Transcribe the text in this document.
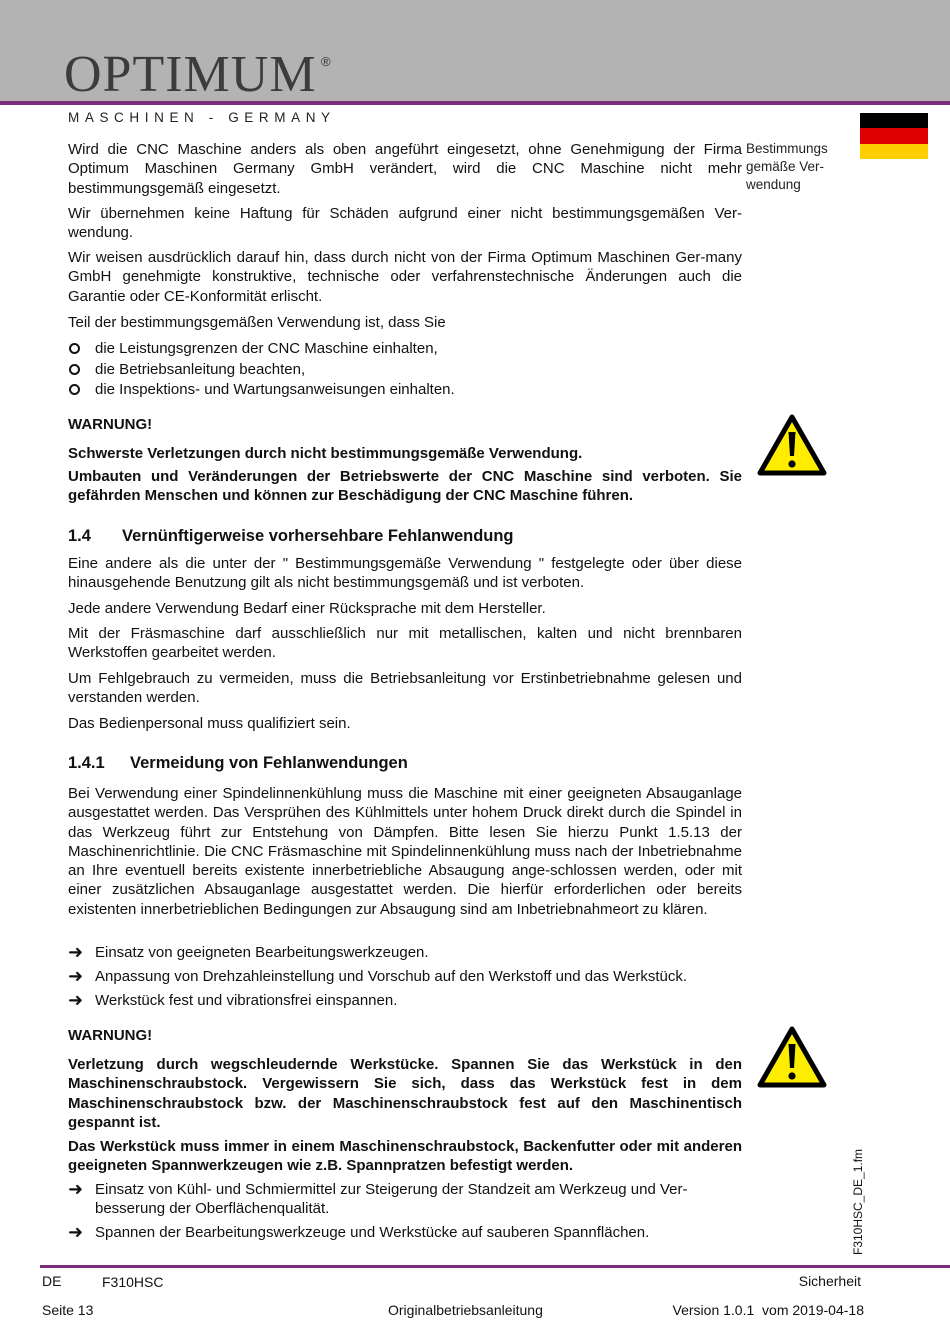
OPTIMUM ®
MASCHINEN - GERMANY
Bestimmungs gemäße Ver-wendung

Wird die CNC Maschine anders als oben angeführt eingesetzt, ohne Genehmigung der Firma Optimum Maschinen Germany GmbH verändert, wird die CNC Maschine nicht mehr bestimmungsgemäß eingesetzt.

Wir übernehmen keine Haftung für Schäden aufgrund einer nicht bestimmungsgemäßen Ver-wendung.

Wir weisen ausdrücklich darauf hin, dass durch nicht von der Firma Optimum Maschinen Ger-many GmbH genehmigte konstruktive, technische oder verfahrenstechnische Änderungen auch die Garantie oder CE-Konformität erlischt.

Teil der bestimmungsgemäßen Verwendung ist, dass Sie

die Leistungsgrenzen der CNC Maschine einhalten,
die Betriebsanleitung beachten,
die Inspektions- und Wartungsanweisungen einhalten.

WARNUNG!

Schwerste Verletzungen durch nicht bestimmungsgemäße Verwendung.

Umbauten und Veränderungen der Betriebswerte der CNC Maschine sind verboten. Sie gefährden Menschen und können zur Beschädigung der CNC Maschine führen.

1.4 Vernünftigerweise vorhersehbare Fehlanwendung

Eine andere als die unter der " Bestimmungsgemäße Verwendung " festgelegte oder über diese hinausgehende Benutzung gilt als nicht bestimmungsgemäß und ist verboten.

Jede andere Verwendung Bedarf einer Rücksprache mit dem Hersteller.

Mit der Fräsmaschine darf ausschließlich nur mit metallischen, kalten und nicht brennbaren Werkstoffen gearbeitet werden.

Um Fehlgebrauch zu vermeiden, muss die Betriebsanleitung vor Erstinbetriebnahme gelesen und verstanden werden.

Das Bedienpersonal muss qualifiziert sein.

1.4.1 Vermeidung von Fehlanwendungen

Bei Verwendung einer Spindelinnenkühlung muss die Maschine mit einer geeigneten Absauganlage ausgestattet werden. Das Versprühen des Kühlmittels unter hohem Druck direkt durch die Spindel in das Werkzeug führt zur Entstehung von Dämpfen. Bitte lesen Sie hierzu Punkt 1.5.13 der Maschinenrichtlinie. Die CNC Fräsmaschine mit Spindelinnenkühlung muss nach der Inbetriebnahme an Ihre eventuell bereits existente innerbetriebliche Absaugung ange-schlossen werden, oder mit einer zusätzlichen Absauganlage ausgestattet werden. Die hierfür erforderlichen oder bereits existenten innerbetrieblichen Bedingungen zur Absaugung sind am Inbetriebnahmeort zu klären.

➜ Einsatz von geeigneten Bearbeitungswerkzeugen.
➜ Anpassung von Drehzahleinstellung und Vorschub auf den Werkstoff und das Werkstück.
➜ Werkstück fest und vibrationsfrei einspannen.

WARNUNG!

Verletzung durch wegschleudernde Werkstücke. Spannen Sie das Werkstück in den Maschinenschraubstock. Vergewissern Sie sich, dass das Werkstück fest in dem Maschinenschraubstock bzw. der Maschinenschraubstock fest auf den Maschinentisch gespannt ist.

Das Werkstück muss immer in einem Maschinenschraubstock, Backenfutter oder mit anderen geeigneten Spannwerkzeugen wie z.B. Spannpratzen befestigt werden.

➜ Einsatz von Kühl- und Schmiermittel zur Steigerung der Standzeit am Werkzeug und Ver-besserung der Oberflächenqualität.
➜ Spannen der Bearbeitungswerkzeuge und Werkstücke auf sauberen Spannflächen.	F310HSC_DE_1.fm
DE	F310HSC	Sicherheit
Seite 13	Originalbetriebsanleitung	Version 1.0.1  vom 2019-04-18
